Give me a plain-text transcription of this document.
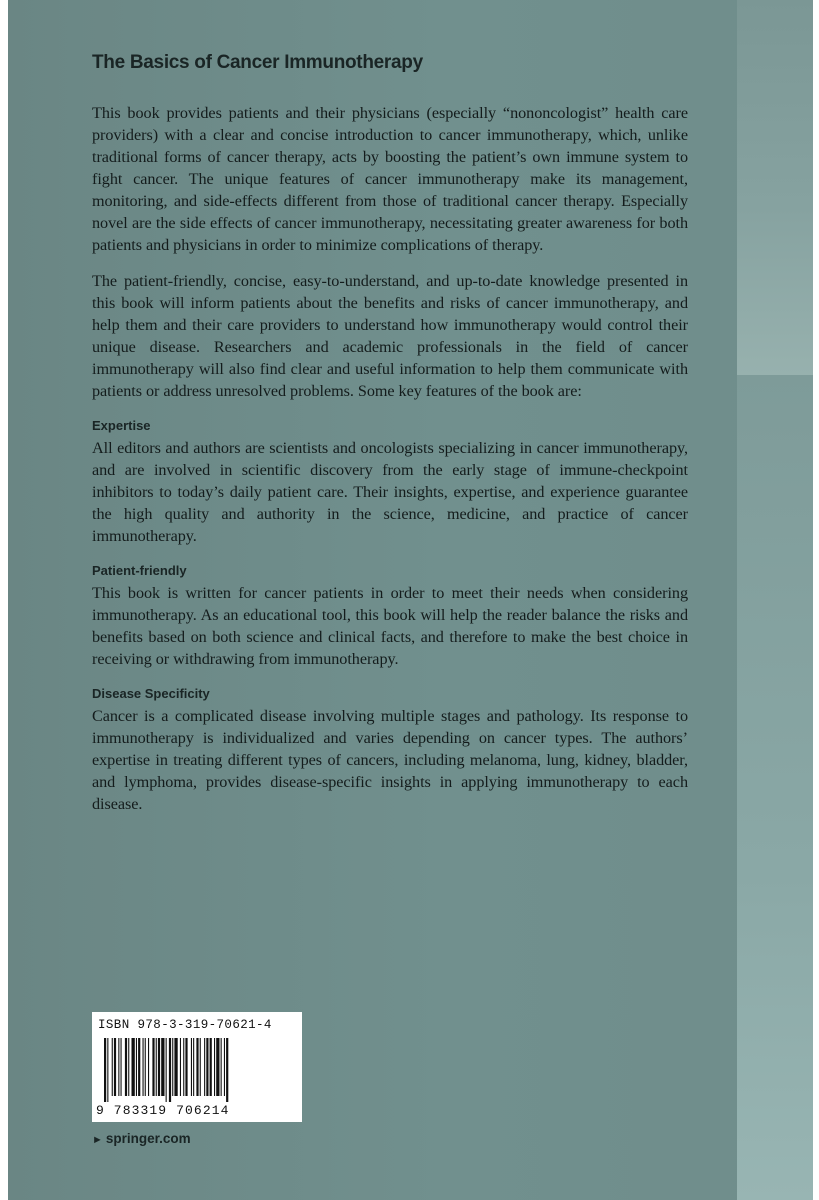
The Basics of Cancer Immunotherapy

This book provides patients and their physicians (especially “nononcologist” health care providers) with a clear and concise introduction to cancer immunotherapy, which, unlike traditional forms of cancer therapy, acts by boosting the patient’s own immune system to fight cancer. The unique features of cancer immunotherapy make its management, monitoring, and side-effects different from those of traditional cancer therapy. Especially novel are the side effects of cancer immunotherapy, necessitating greater awareness for both patients and physicians in order to minimize complications of therapy.

The patient-friendly, concise, easy-to-understand, and up-to-date knowledge presented in this book will inform patients about the benefits and risks of cancer immunotherapy, and help them and their care providers to understand how immunotherapy would control their unique disease. Researchers and academic professionals in the field of cancer immunotherapy will also find clear and useful information to help them communicate with patients or address unresolved problems. Some key features of the book are:

Expertise

All editors and authors are scientists and oncologists specializing in cancer immunotherapy, and are involved in scientific discovery from the early stage of immune-checkpoint inhibitors to today’s daily patient care. Their insights, expertise, and experience guarantee the high quality and authority in the science, medicine, and practice of cancer immunotherapy.

Patient-friendly

This book is written for cancer patients in order to meet their needs when considering immunotherapy. As an educational tool, this book will help the reader balance the risks and benefits based on both science and clinical facts, and therefore to make the best choice in receiving or withdrawing from immunotherapy.

Disease Specificity

Cancer is a complicated disease involving multiple stages and pathology. Its response to immunotherapy is individualized and varies depending on cancer types. The authors’ expertise in treating different types of cancers, including melanoma, lung, kidney, bladder, and lymphoma, provides disease-specific insights in applying immunotherapy to each disease.

ISBN 978-3-319-70621-4
9 783319 706214
► springer.com
